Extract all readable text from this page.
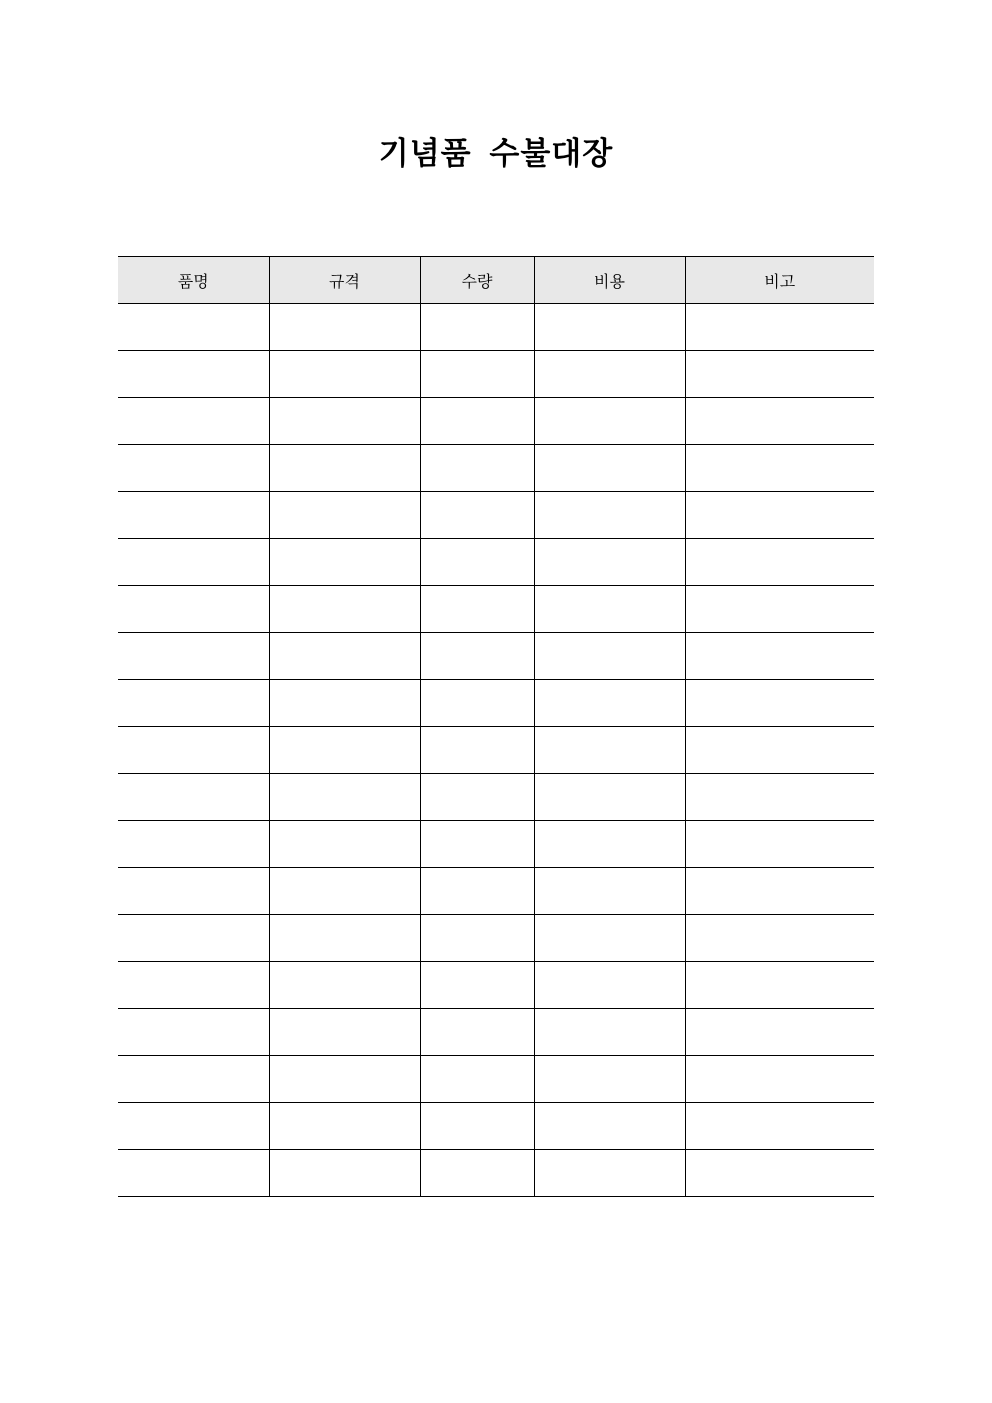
기념품 수불대장
품명	규격	수량	비용	비고
